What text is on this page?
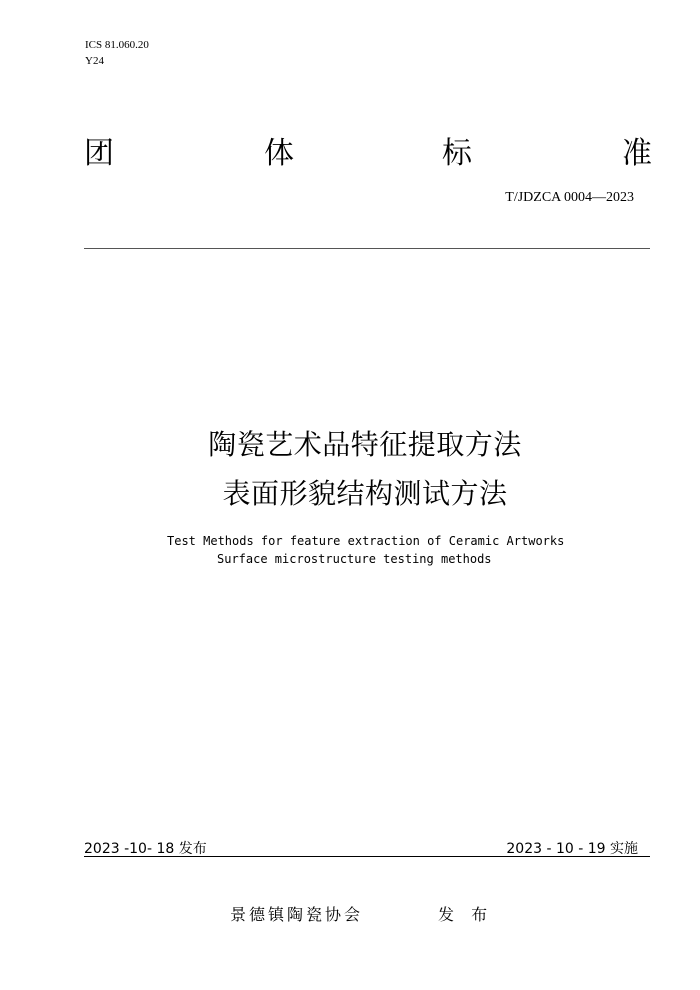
ICS 81.060.20
Y24
团	体	标	准
T/JDZCA 0004—2023
陶瓷艺术品特征提取方法
表面形貌结构测试方法
Test Methods for feature extraction of Ceramic Artworks
Surface microstructure testing methods
2023 -10- 18 发布	2023 - 10 - 19 实施
景德镇陶瓷协会	发 布
